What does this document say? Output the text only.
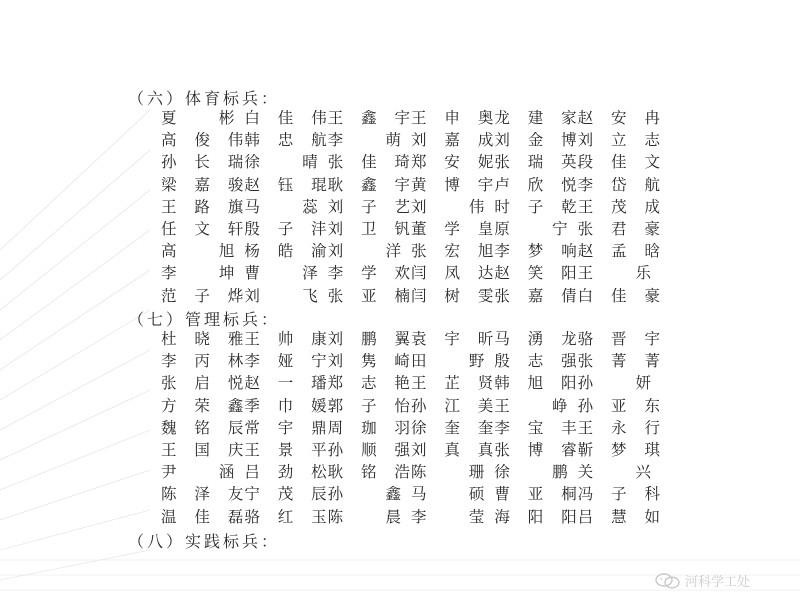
（六）体育标兵：
夏	彬 白 佳 伟 王 鑫 宇 王 申 奥 龙 建 家 赵 安 冉
高 俊 伟 韩 忠 航 李	萌 刘 嘉 成 刘 金 博 刘 立 志
孙 长 瑞 徐	晴 张 佳 琦 郑 安 妮 张 瑞 英 段 佳 文
梁 嘉 骏 赵 钰 琨 耿 鑫 宇 黄 博 宇 卢 欣 悦 李 岱 航
王 路 旗 马	蕊 刘 子 艺 刘	伟 时 子 乾 王 茂 成
任 文 轩 殷 子 沣 刘 卫 钒 董 学 皇 原	宁 张 君 豪
高	旭 杨 皓 渝 刘	洋 张 宏 旭 李 梦 响 赵 孟 晗
李	坤 曹	泽 李 学 欢 闫 凤 达 赵 笑 阳 王	乐
范 子 烨 刘	飞 张 亚 楠 闫 树 雯 张 嘉 倩 白 佳 豪
（七）管理标兵：
杜 晓 雅 王 帅 康 刘 鹏 翼 袁 宇 昕 马 湧 龙 骆 晋 宇
李 丙 林 李 娅 宁 刘 隽 崎 田	野 殷 志 强 张 菁 菁
张 启 悦 赵 一 璠 郑 志 艳 王 芷 贤 韩 旭 阳 孙	妍
方 荣 鑫 季 巾 媛 郭 子 怡 孙 江 美 王	峥 孙 亚 东
魏 铭 辰 常 宇 鼎 周 珈 羽 徐 奎 奎 李 宝 丰 王 永 行
王 国 庆 王 景 平 孙 顺 强 刘 真 真 张 博 睿 靳 梦 琪
尹	涵 吕 劲 松 耿 铭 浩 陈	珊 徐	鹏 关	兴
陈 泽 友 宁 茂 辰 孙	鑫 马	硕 曹 亚 桐 冯 子 科
温 佳 磊 骆 红 玉 陈	晨 李	莹 海 阳 阳 吕 慧 如
（八）实践标兵：
河科学工处
